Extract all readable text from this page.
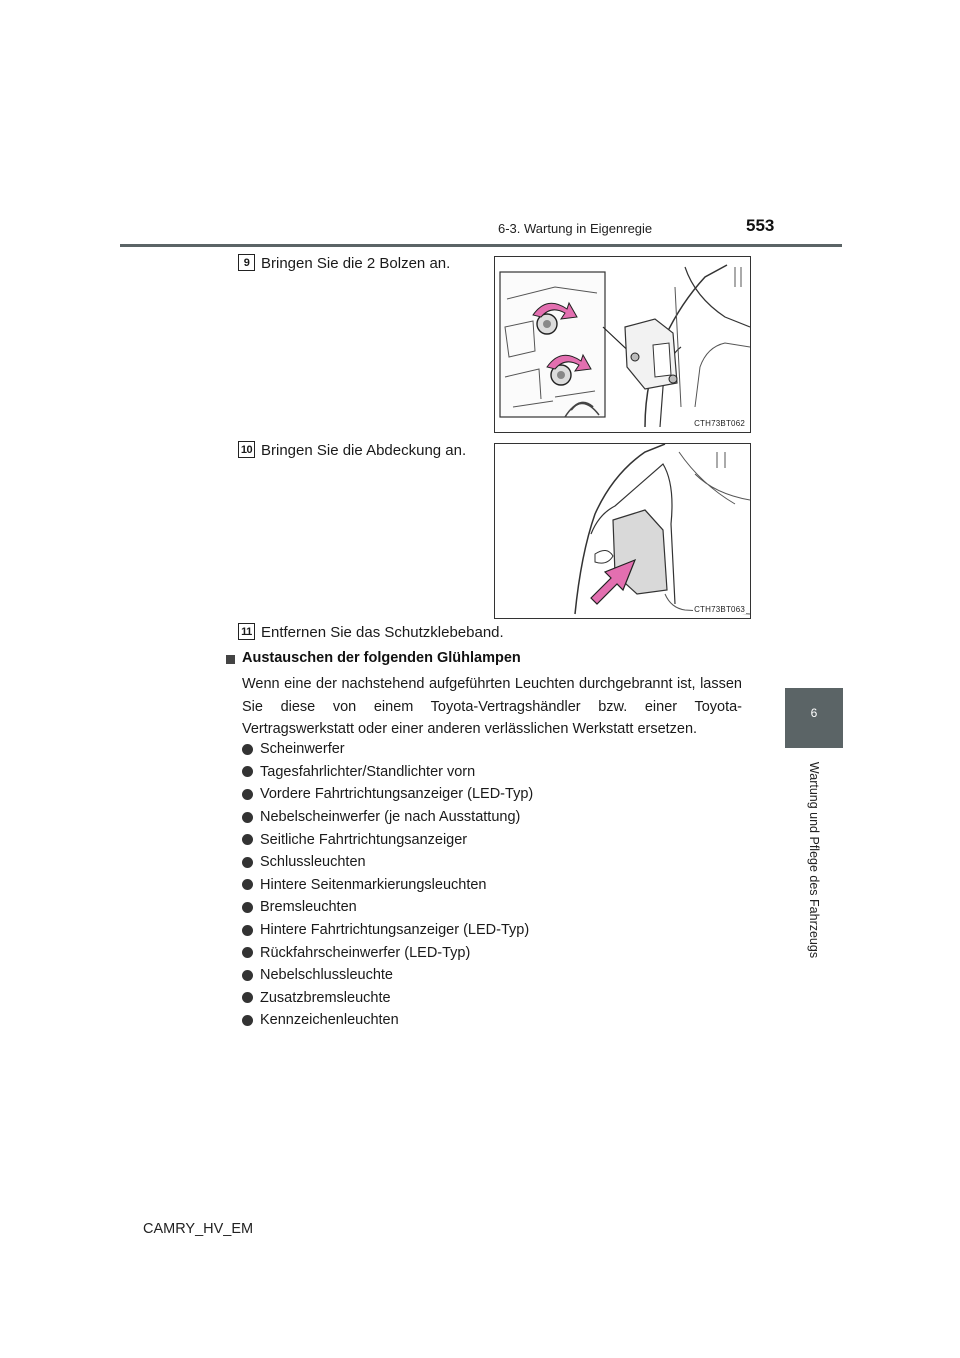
6-3. Wartung in Eigenregie	553
6
Wartung und Pflege des Fahrzeugs
9 Bringen Sie die 2 Bolzen an.
CTH73BT062
10 Bringen Sie die Abdeckung an.
CTH73BT063
11 Entfernen Sie das Schutzklebeband.
Austauschen der folgenden Glühlampen
Wenn eine der nachstehend aufgeführten Leuchten durchgebrannt ist, lassen Sie diese von einem Toyota-Vertragshändler bzw. einer Toyota-Vertragswerkstatt oder einer anderen verlässlichen Werkstatt ersetzen.
Scheinwerfer
Tagesfahrlichter/Standlichter vorn
Vordere Fahrtrichtungsanzeiger (LED-Typ)
Nebelscheinwerfer (je nach Ausstattung)
Seitliche Fahrtrichtungsanzeiger
Schlussleuchten
Hintere Seitenmarkierungsleuchten
Bremsleuchten
Hintere Fahrtrichtungsanzeiger (LED-Typ)
Rückfahrscheinwerfer (LED-Typ)
Nebelschlussleuchte
Zusatzbremsleuchte
Kennzeichenleuchten
CAMRY_HV_EM
